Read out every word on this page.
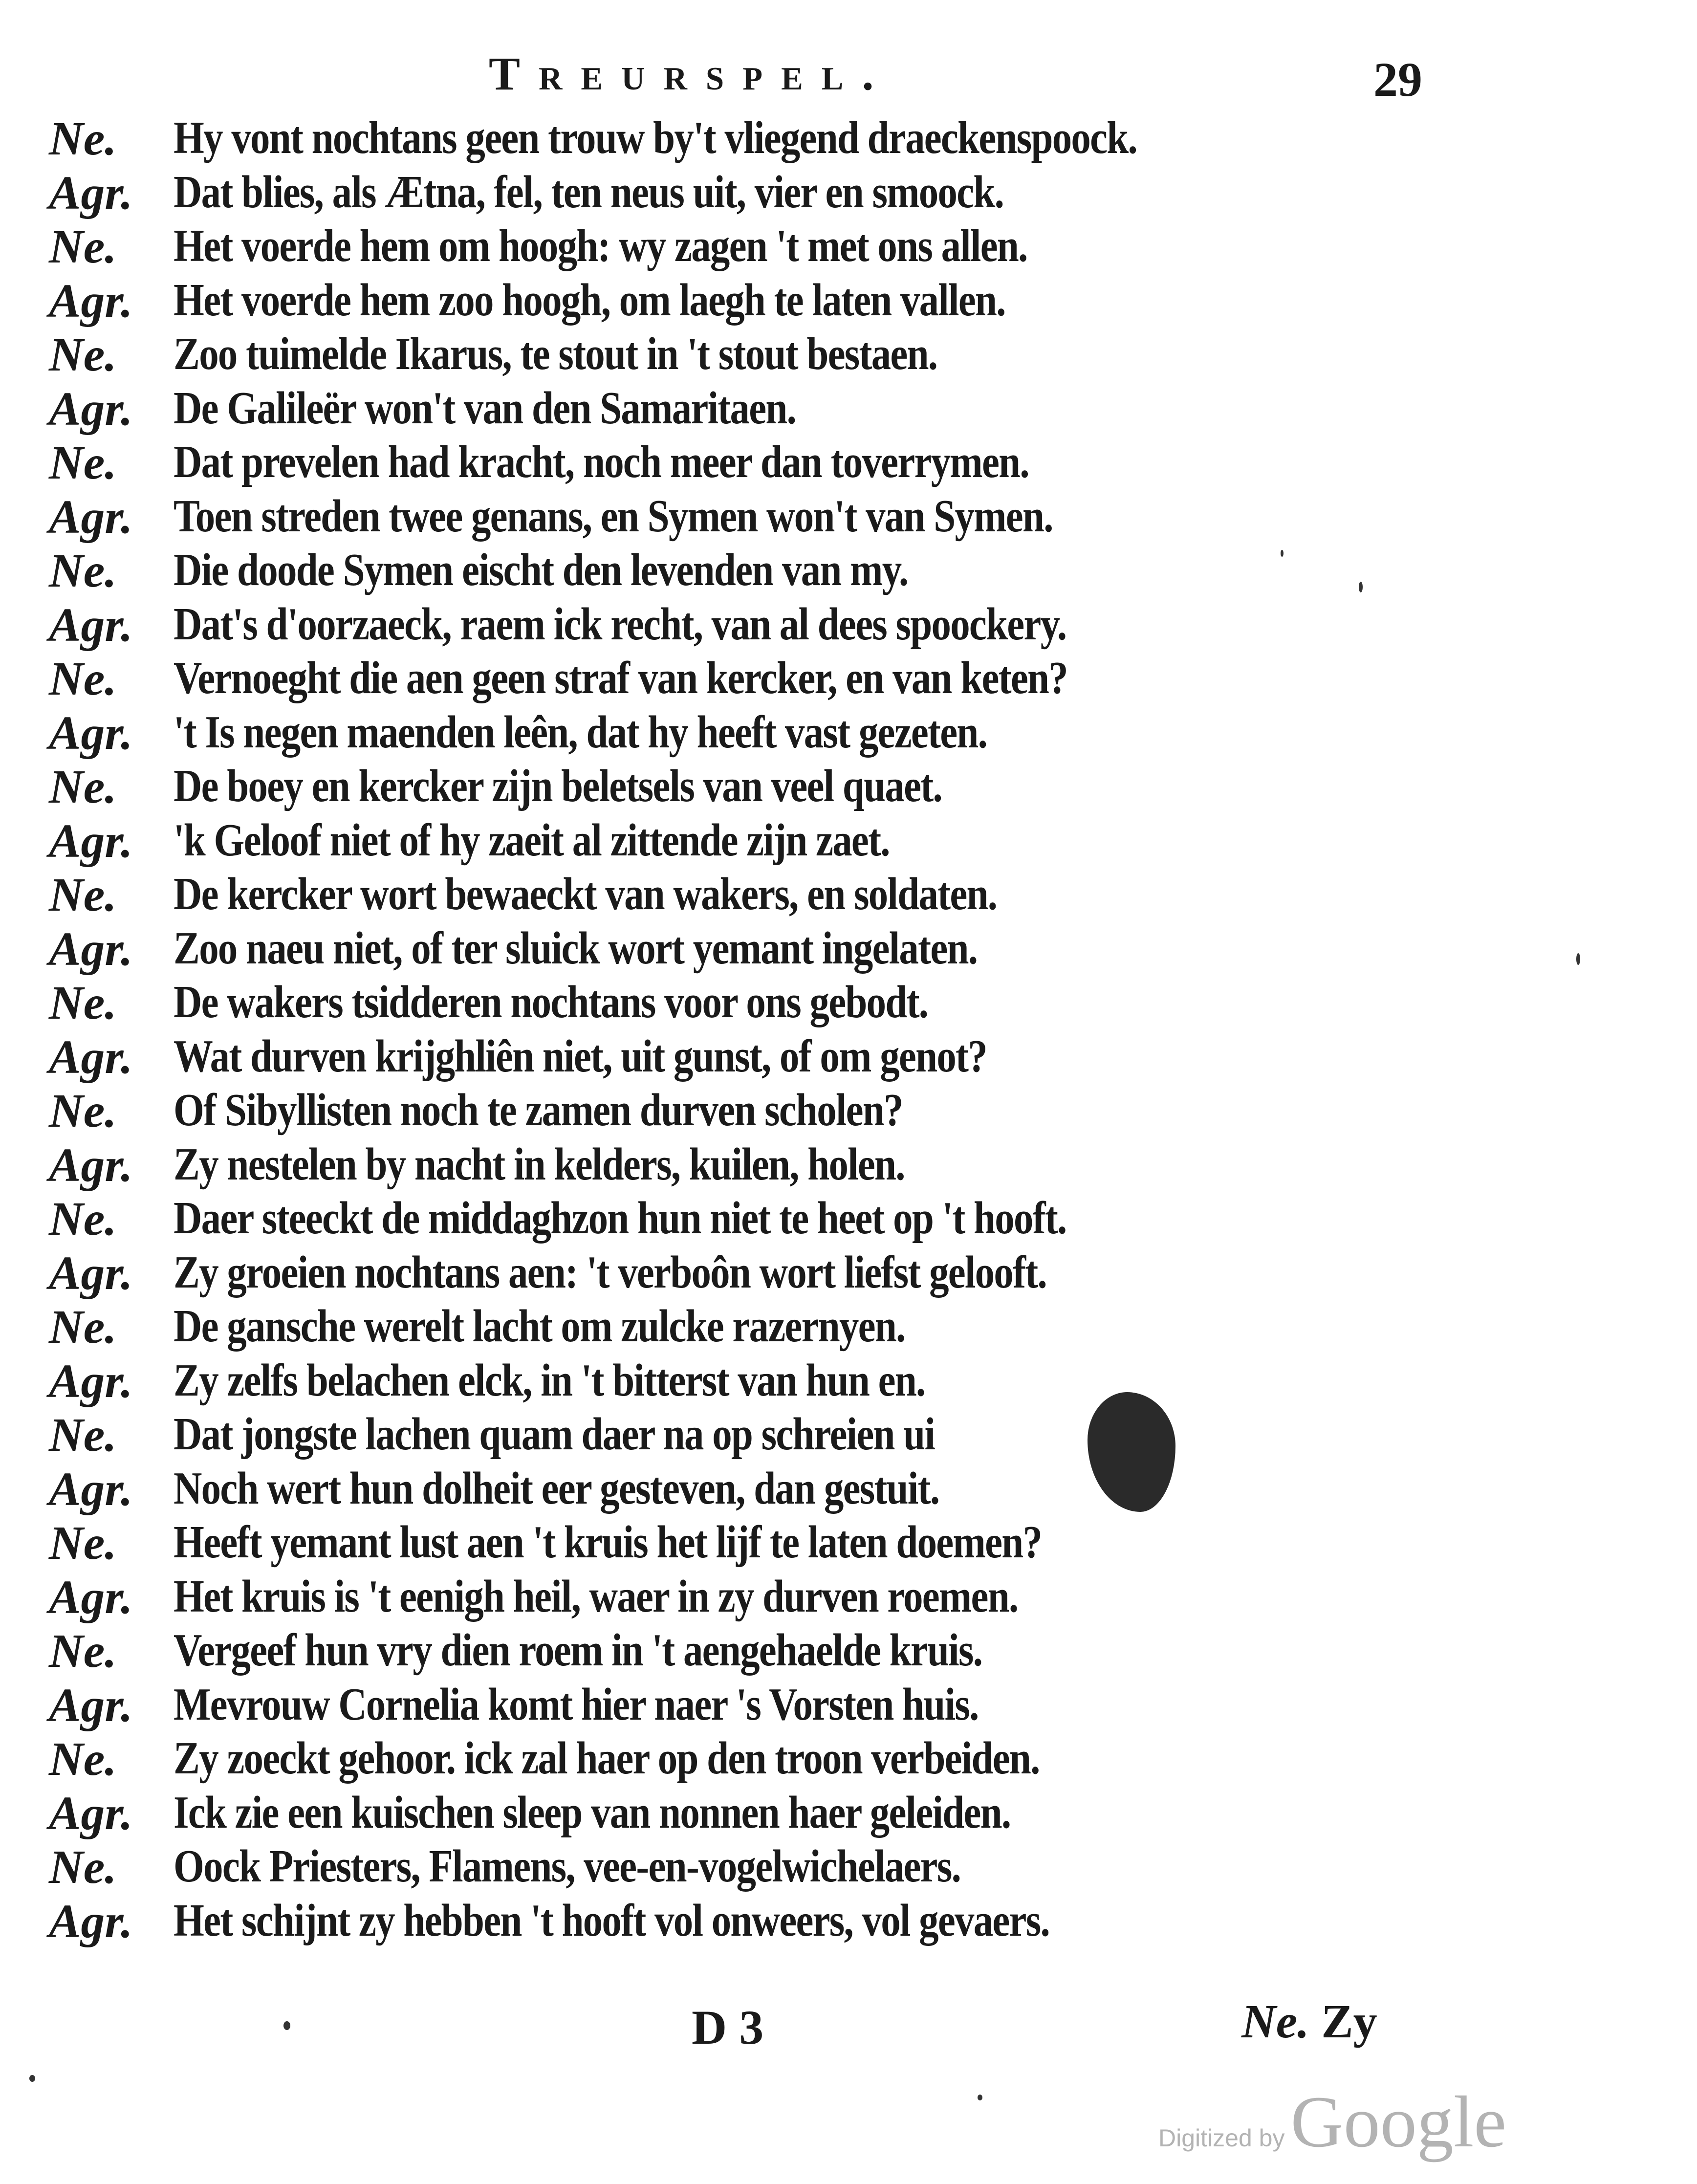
Treurspel.	29
Ne. Hy vont nochtans geen trouw by't vliegend draeckenspoock.
Agr. Dat blies, als Ætna, fel, ten neus uit, vier en smoock.
Ne. Het voerde hem om hoogh: wy zagen 't met ons allen.
Agr. Het voerde hem zoo hoogh, om laegh te laten vallen.
Ne. Zoo tuimelde Ikarus, te stout in 't stout bestaen.
Agr. De Galileër won't van den Samaritaen.
Ne. Dat prevelen had kracht, noch meer dan toverrymen.
Agr. Toen streden twee genans, en Symen won't van Symen.
Ne. Die doode Symen eischt den levenden van my.
Agr. Dat's d'oorzaeck, raem ick recht, van al dees spoockery.
Ne. Vernoeght die aen geen straf van kercker, en van keten?
Agr. 't Is negen maenden leên, dat hy heeft vast gezeten.
Ne. De boey en kercker zijn beletsels van veel quaet.
Agr. 'k Geloof niet of hy zaeit al zittende zijn zaet.
Ne. De kercker wort bewaeckt van wakers, en soldaten.
Agr. Zoo naeu niet, of ter sluick wort yemant ingelaten.
Ne. De wakers tsidderen nochtans voor ons gebodt.
Agr. Wat durven krijghliên niet, uit gunst, of om genot?
Ne. Of Sibyllisten noch te zamen durven scholen?
Agr. Zy nestelen by nacht in kelders, kuilen, holen.
Ne. Daer steeckt de middaghzon hun niet te heet op 't hooft.
Agr. Zy groeien nochtans aen: 't verboôn wort liefst gelooft.
Ne. De gansche werelt lacht om zulcke razernyen.
Agr. Zy zelfs belachen elck, in 't bitterst van hun en.
Ne. Dat jongste lachen quam daer na op schreien ui
Agr. Noch wert hun dolheit eer gesteven, dan gestuit.
Ne. Heeft yemant lust aen 't kruis het lijf te laten doemen?
Agr. Het kruis is 't eenigh heil, waer in zy durven roemen.
Ne. Vergeef hun vry dien roem in 't aengehaelde kruis.
Agr. Mevrouw Cornelia komt hier naer 's Vorsten huis.
Ne. Zy zoeckt gehoor. ick zal haer op den troon verbeiden.
Agr. Ick zie een kuischen sleep van nonnen haer geleiden.
Ne. Oock Priesters, Flamens, vee-en-vogelwichelaers.
Agr. Het schijnt zy hebben 't hooft vol onweers, vol gevaers.
D 3	Ne. Zy
Digitized byGoogle
